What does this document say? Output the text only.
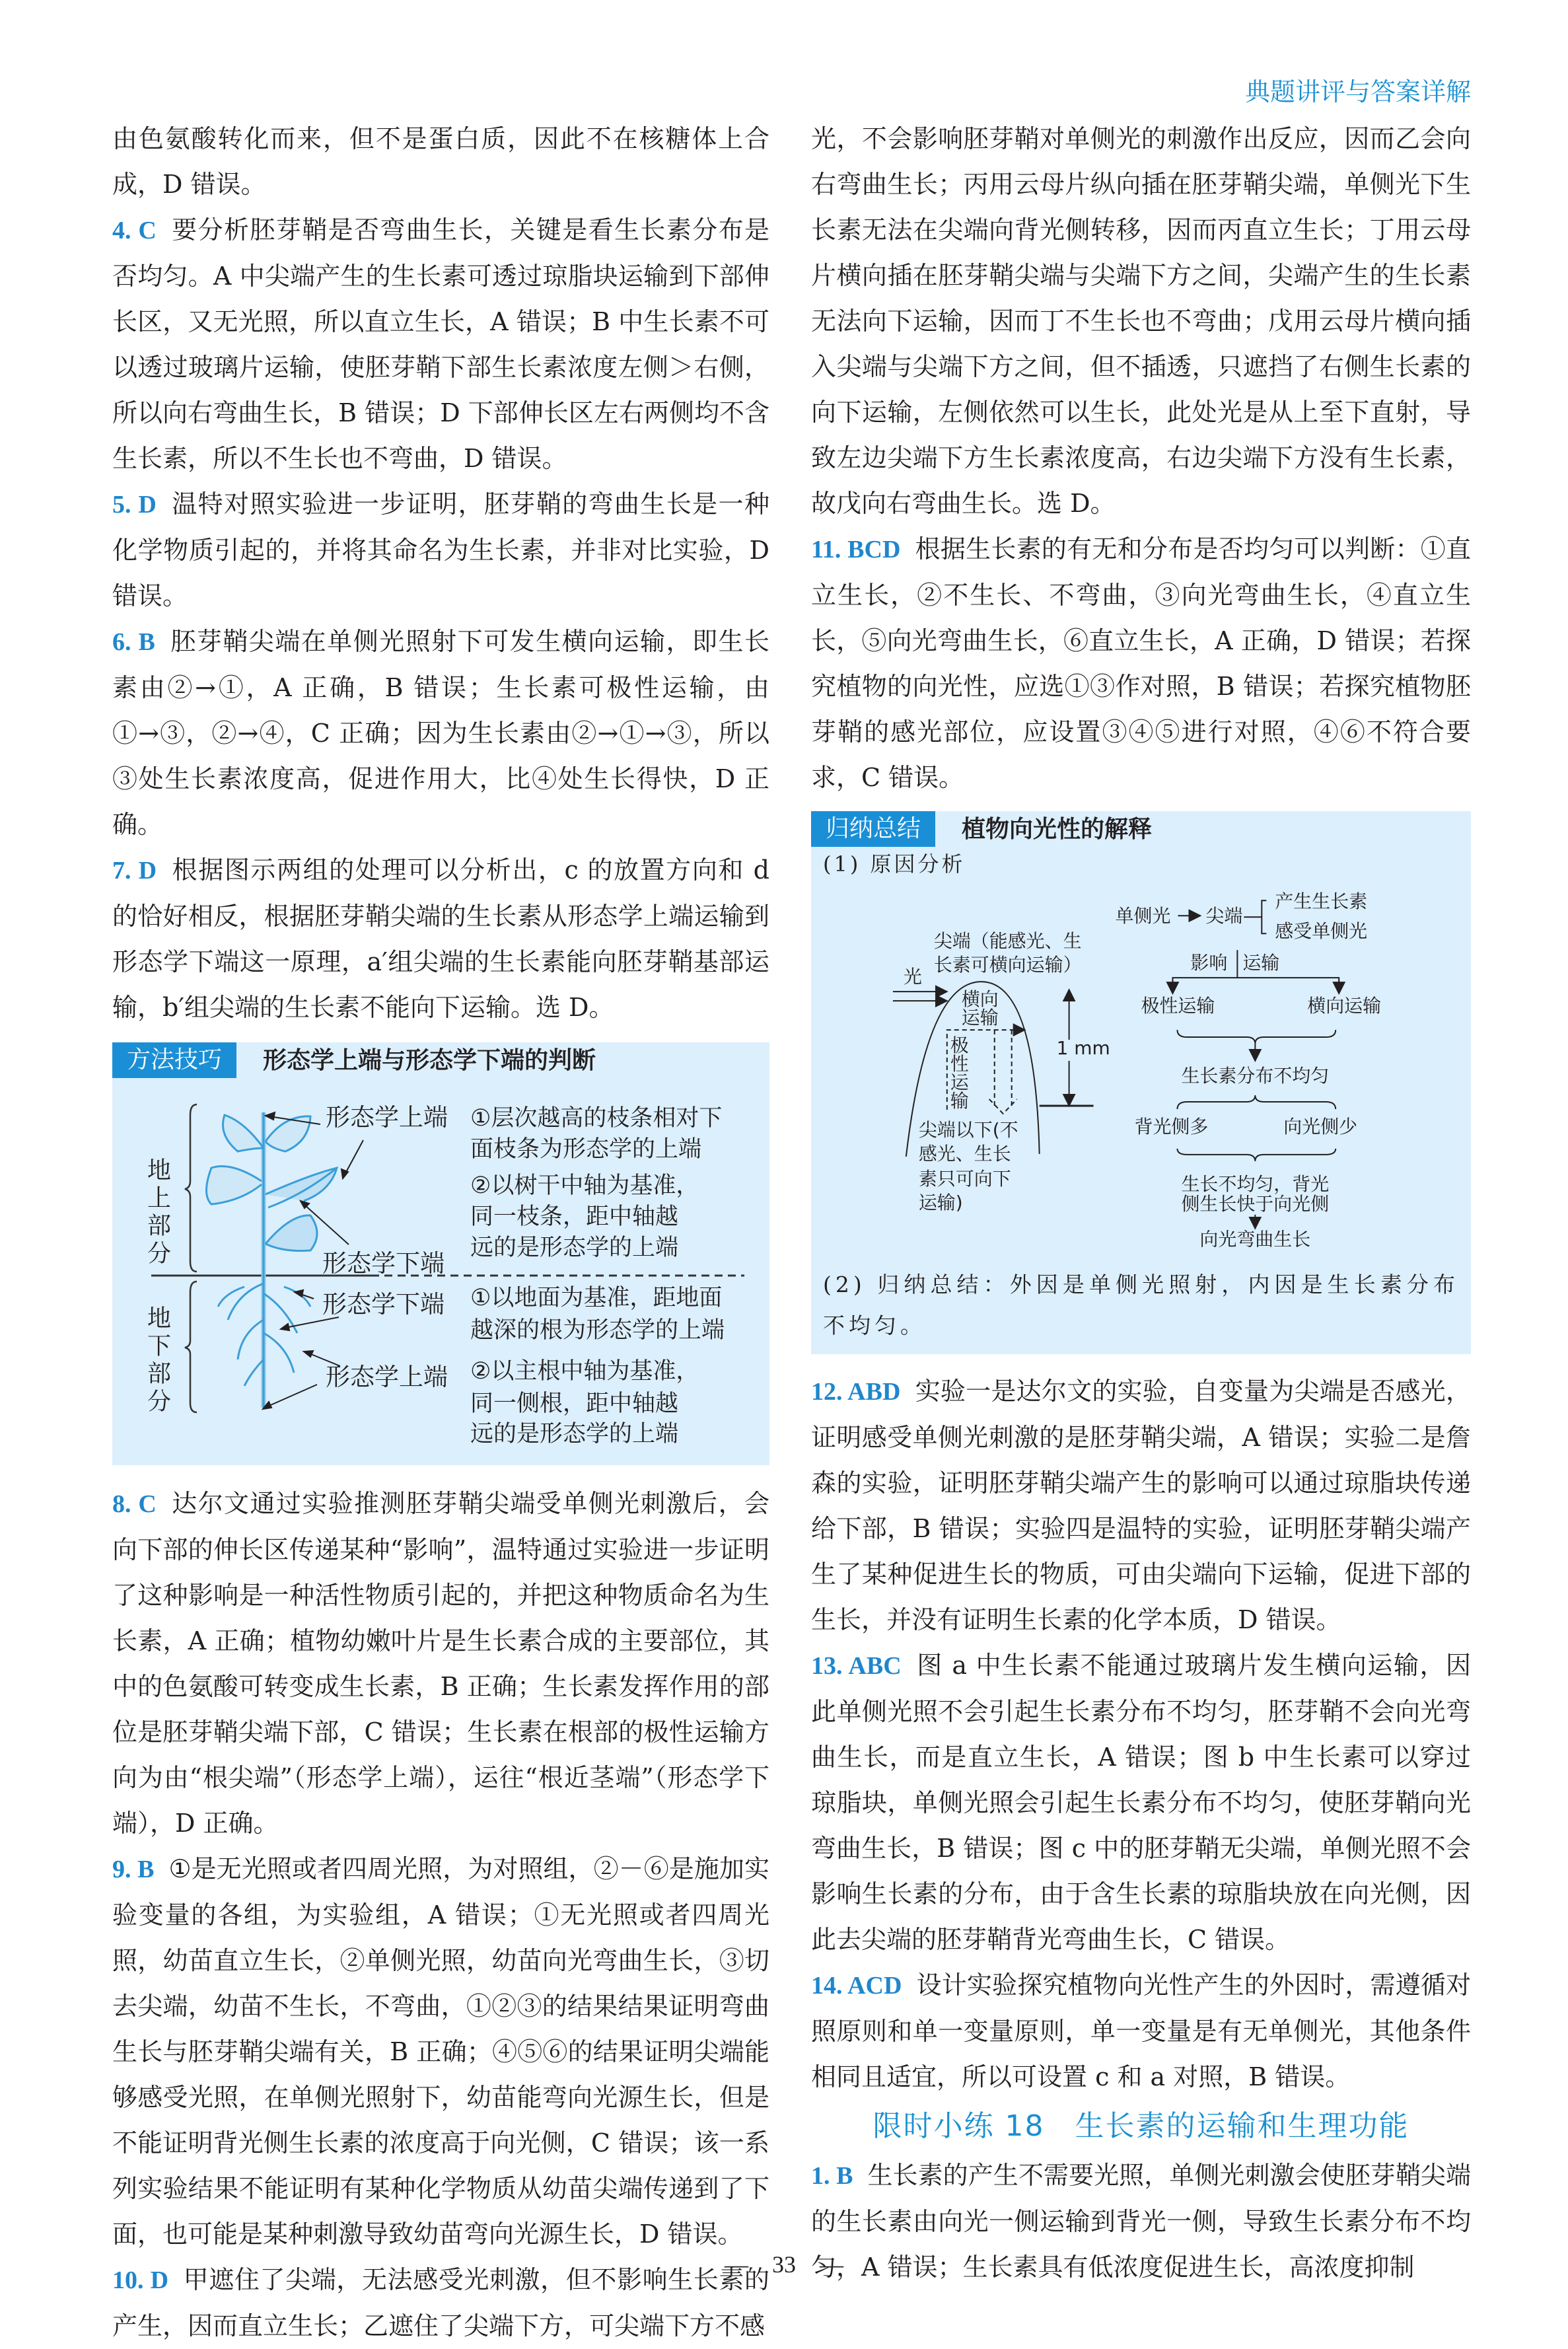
典题讲评与答案详解

由色氨酸转化而来，但不是蛋白质，因此不在核糖体上合成，D 错误。

4. C 要分析胚芽鞘是否弯曲生长，关键是看生长素分布是否均匀。A 中尖端产生的生长素可透过琼脂块运输到下部伸长区，又无光照，所以直立生长，A 错误；B 中生长素不可以透过玻璃片运输，使胚芽鞘下部生长素浓度左侧＞右侧，所以向右弯曲生长，B 错误；D 下部伸长区左右两侧均不含生长素，所以不生长也不弯曲，D 错误。

5. D 温特对照实验进一步证明，胚芽鞘的弯曲生长是一种化学物质引起的，并将其命名为生长素，并非对比实验，D 错误。

6. B 胚芽鞘尖端在单侧光照射下可发生横向运输，即生长素由②→①，A 正确，B 错误；生长素可极性运输，由①→③，②→④，C 正确；因为生长素由②→①→③，所以③处生长素浓度高，促进作用大，比④处生长得快，D 正确。

7. D 根据图示两组的处理可以分析出，c 的放置方向和 d 的恰好相反，根据胚芽鞘尖端的生长素从形态学上端运输到形态学下端这一原理，a′组尖端的生长素能向胚芽鞘基部运输，b′组尖端的生长素不能向下运输。选 D。

方法技巧	形态学上端与形态学下端的判断
地上部分
地下部分
形态学上端
形态学下端
形态学下端
形态学上端
①层次越高的枝条相对下
面枝条为形态学的上端
②以树干中轴为基准，
同一枝条，距中轴越
远的是形态学的上端
①以地面为基准，距地面
越深的根为形态学的上端
②以主根中轴为基准，
同一侧根，距中轴越
远的是形态学的上端

8. C 达尔文通过实验推测胚芽鞘尖端受单侧光刺激后，会向下部的伸长区传递某种“影响”，温特通过实验进一步证明了这种影响是一种活性物质引起的，并把这种物质命名为生长素，A 正确；植物幼嫩叶片是生长素合成的主要部位，其中的色氨酸可转变成生长素，B 正确；生长素发挥作用的部位是胚芽鞘尖端下部，C 错误；生长素在根部的极性运输方向为由“根尖端”（形态学上端），运往“根近茎端”（形态学下端），D 正确。

9. B ①是无光照或者四周光照，为对照组，②－⑥是施加实验变量的各组，为实验组，A 错误；①无光照或者四周光照，幼苗直立生长，②单侧光照，幼苗向光弯曲生长，③切去尖端，幼苗不生长，不弯曲，①②③的结果结果证明弯曲生长与胚芽鞘尖端有关，B 正确；④⑤⑥的结果证明尖端能够感受光照，在单侧光照射下，幼苗能弯向光源生长，但是不能证明背光侧生长素的浓度高于向光侧，C 错误；该一系列实验结果不能证明有某种化学物质从幼苗尖端传递到了下面，也可能是某种刺激导致幼苗弯向光源生长，D 错误。

10. D 甲遮住了尖端，无法感受光刺激，但不影响生长素的产生，因而直立生长；乙遮住了尖端下方，可尖端下方不感

光，不会影响胚芽鞘对单侧光的刺激作出反应，因而乙会向右弯曲生长；丙用云母片纵向插在胚芽鞘尖端，单侧光下生长素无法在尖端向背光侧转移，因而丙直立生长；丁用云母片横向插在胚芽鞘尖端与尖端下方之间，尖端产生的生长素无法向下运输，因而丁不生长也不弯曲；戊用云母片横向插入尖端与尖端下方之间，但不插透，只遮挡了右侧生长素的向下运输，左侧依然可以生长，此处光是从上至下直射，导致左边尖端下方生长素浓度高，右边尖端下方没有生长素，故戊向右弯曲生长。选 D。

11. BCD 根据生长素的有无和分布是否均匀可以判断：①直立生长，②不生长、不弯曲，③向光弯曲生长，④直立生长，⑤向光弯曲生长，⑥直立生长，A 正确，D 错误；若探究植物的向光性，应选①③作对照，B 错误；若探究植物胚芽鞘的感光部位，应设置③④⑤进行对照，④⑥不符合要求，C 错误。

归纳总结	植物向光性的解释
(1) 原因分析
尖端（能感光、生
长素可横向运输）
光
横向
运输
极
性
运
输
1 mm
尖端以下(不
感光、生长
素只可向下
运输)
单侧光 尖端
产生生长素
感受单侧光
影响 运输
极性运输	横向运输
生长素分布不均匀
背光侧多	向光侧少
生长不均匀，背光
侧生长快于向光侧
向光弯曲生长
(2) 归纳总结：外因是单侧光照射，内因是生长素分布不均匀。

12. ABD 实验一是达尔文的实验，自变量为尖端是否感光，证明感受单侧光刺激的是胚芽鞘尖端，A 错误；实验二是詹森的实验，证明胚芽鞘尖端产生的影响可以通过琼脂块传递给下部，B 错误；实验四是温特的实验，证明胚芽鞘尖端产生了某种促进生长的物质，可由尖端向下运输，促进下部的生长，并没有证明生长素的化学本质，D 错误。

13. ABC 图 a 中生长素不能通过玻璃片发生横向运输，因此单侧光照不会引起生长素分布不均匀，胚芽鞘不会向光弯曲生长，而是直立生长，A 错误；图 b 中生长素可以穿过琼脂块，单侧光照会引起生长素分布不均匀，使胚芽鞘向光弯曲生长，B 错误；图 c 中的胚芽鞘无尖端，单侧光照不会影响生长素的分布，由于含生长素的琼脂块放在向光侧，因此去尖端的胚芽鞘背光弯曲生长，C 错误。

14. ACD 设计实验探究植物向光性产生的外因时，需遵循对照原则和单一变量原则，单一变量是有无单侧光，其他条件相同且适宜，所以可设置 c 和 a 对照，B 错误。

限时小练 18　生长素的运输和生理功能

1. B 生长素的产生不需要光照，单侧光刺激会使胚芽鞘尖端的生长素由向光一侧运输到背光一侧，导致生长素分布不均匀，A 错误；生长素具有低浓度促进生长，高浓度抑制

—　33　—
